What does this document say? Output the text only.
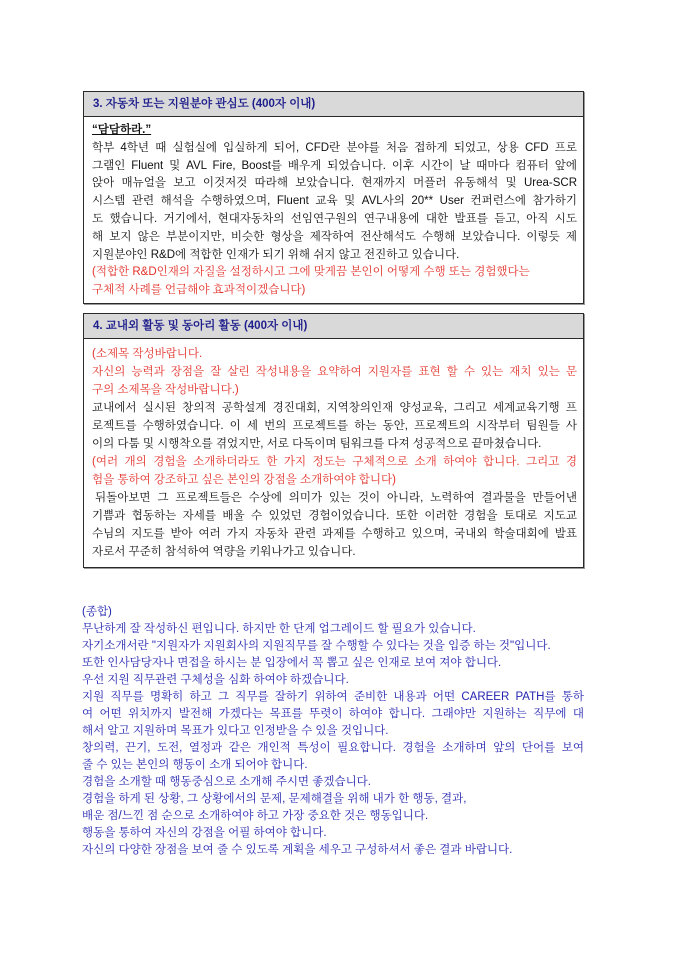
3. 자동차 또는 지원분야 관심도 (400자 이내)
“담담하라.”
학부 4학년 때 실험실에 입실하게 되어, CFD란 분야를 처음 접하게 되었고, 상용 CFD 프로
그램인 Fluent 및 AVL Fire, Boost를 배우게 되었습니다. 이후 시간이 날 때마다 컴퓨터 앞에
앉아 매뉴얼을 보고 이것저것 따라해 보았습니다. 현재까지 머플러 유동해석 및 Urea-SCR
시스템 관련 해석을 수행하였으며, Fluent 교육 및 AVL사의 20** User 컨퍼런스에 참가하기
도 했습니다. 거기에서, 현대자동차의 선임연구원의 연구내용에 대한 발표를 듣고, 아직 시도
해 보지 않은 부분이지만, 비슷한 형상을 제작하여 전산해석도 수행해 보았습니다. 이렇듯 제
지원분야인 R&D에 적합한 인재가 되기 위해 쉬지 않고 전진하고 있습니다.
(적합한 R&D인재의 자질을 설정하시고 그에 맞게끔 본인이 어떻게 수행 또는 경험했다는
구체적 사례를 언급해야 효과적이겠습니다)
4. 교내외 활동 및 동아리 활동 (400자 이내)
(소제목 작성바랍니다.
자신의 능력과 장점을 잘 살린 작성내용을 요약하여 지원자를 표현 할 수 있는 재치 있는 문
구의 소제목을 작성바랍니다.)
교내에서 실시된 창의적 공학설계 경진대회, 지역창의인재 양성교육, 그리고 세계교육기행 프
로젝트를 수행하였습니다. 이 세 번의 프로젝트를 하는 동안, 프로젝트의 시작부터 팀원들 사
이의 다툼 및 시행착오를 겪었지만, 서로 다독이며 팀워크를 다져 성공적으로 끝마쳤습니다.
(여러 개의 경험을 소개하더라도 한 가지 정도는 구체적으로 소개 하여야 합니다. 그리고 경
험을 통하여 강조하고 싶은 본인의 강점을 소개하여야 합니다)
뒤돌아보면 그 프로젝트들은 수상에 의미가 있는 것이 아니라, 노력하여 결과물을 만들어낸
기쁨과 협동하는 자세를 배울 수 있었던 경험이었습니다. 또한 이러한 경험을 토대로 지도교
수님의 지도를 받아 여러 가지 자동차 관련 과제를 수행하고 있으며, 국내외 학술대회에 발표
자로서 꾸준히 참석하여 역량을 키워나가고 있습니다.
(종합)
무난하게 잘 작성하신 편입니다. 하지만 한 단계 업그레이드 할 필요가 있습니다.
자기소개서란 "지원자가 지원회사의 지원직무를 잘 수행할 수 있다는 것을 입증 하는 것"입니다.
또한 인사담당자나 면접을 하시는 분 입장에서 꼭 뽑고 싶은 인재로 보여 져야 합니다.
우선 지원 직무관련 구체성을 심화 하여야 하겠습니다.
지원 직무를 명확히 하고 그 직무를 잘하기 위하여 준비한 내용과 어떤 CAREER PATH를 통하
여 어떤 위치까지 발전해 가겠다는 목표를 뚜렷이 하여야 합니다. 그래야만 지원하는 직무에 대
해서 알고 지원하며 목표가 있다고 인정받을 수 있을 것입니다.
창의력, 끈기, 도전, 열정과 같은 개인적 특성이 필요합니다. 경험을 소개하며 앞의 단어를 보여
줄 수 있는 본인의 행동이 소개 되어야 합니다.
경험을 소개할 때 행동중심으로 소개해 주시면 좋겠습니다.
경험을 하게 된 상황, 그 상황에서의 문제, 문제해결을 위해 내가 한 행동, 결과,
배운 점/느낀 점 순으로 소개하여야 하고 가장 중요한 것은 행동입니다.
행동을 통하여 자신의 강점을 어필 하여야 합니다.
자신의 다양한 장점을 보여 줄 수 있도록 계획을 세우고 구성하셔서 좋은 결과 바랍니다.
